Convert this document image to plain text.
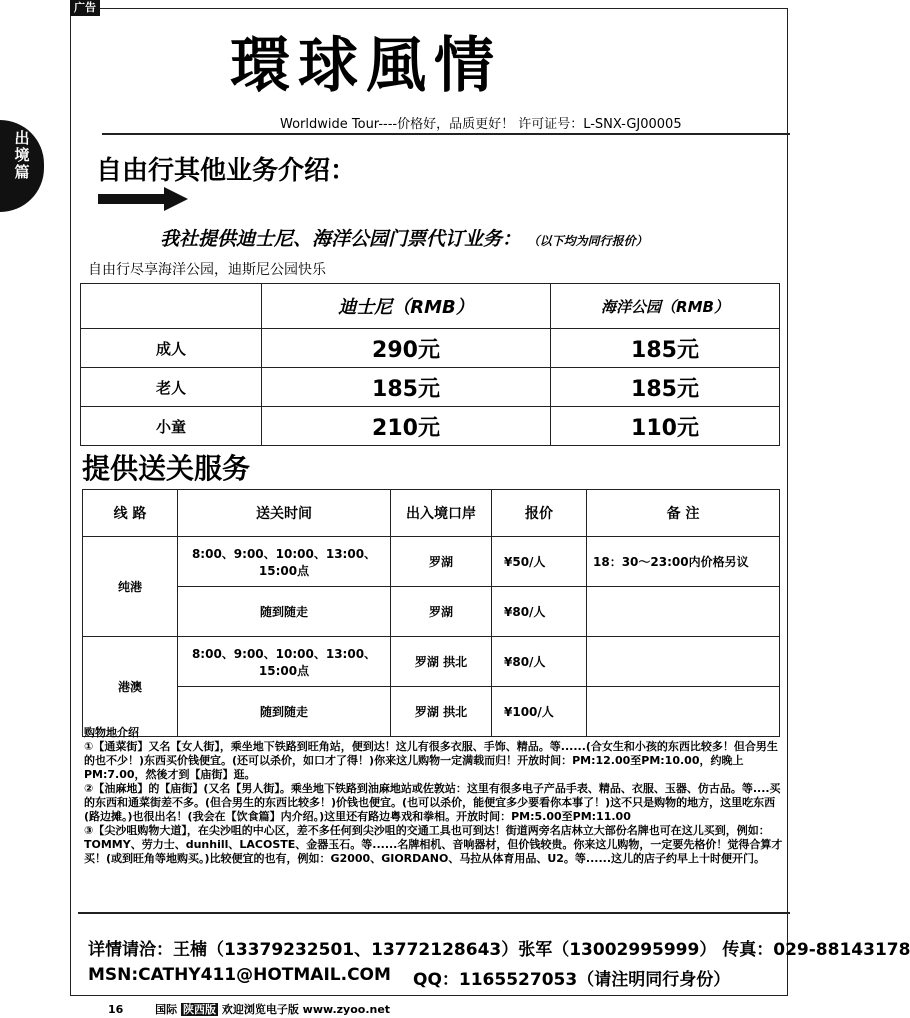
广告
出境篇
環球風情
Worldwide Tour----价格好，品质更好！ 许可证号：L-SNX-GJ00005
自由行其他业务介绍：
我社提供迪士尼、海洋公园门票代订业务： （以下均为同行报价）
自由行尽享海洋公园，迪斯尼公园快乐
	迪士尼（RMB）	海洋公园（RMB）
成人	290元	185元
老人	185元	185元
小童	210元	110元
提供送关服务
线 路	送关时间	出入境口岸	报价	备 注
纯港	8:00、9:00、10:00、13:00、15:00点	罗湖	¥50/人	18：30～23:00内价格另议
	随到随走	罗湖	¥80/人	
港澳	8:00、9:00、10:00、13:00、15:00点	罗湖 拱北	¥80/人	
	随到随走	罗湖 拱北	¥100/人	

购物地介绍

①【通菜街】又名【女人街】，乘坐地下铁路到旺角站，便到达！这儿有很多衣服、手饰、精品。等......(合女生和小孩的东西比较多！但合男生的也不少！)东西买价钱便宜。(还可以杀价，如口才了得！)你来这儿购物一定满载而归！开放时间：PM:12.00至PM:10.00，约晚上PM:7.00，然後才到【庙街】逛。

②【油麻地】的【庙街】(又名【男人街】。乘坐地下铁路到油麻地站或佐敦站：这里有很多电子产品手表、精品、衣服、玉器、仿古品。等....买的东西和通菜街差不多。(但合男生的东西比较多！)价钱也便宜。(也可以杀价，能便宜多少要看你本事了！)这不只是购物的地方，这里吃东西(路边摊。)也很出名！(我会在【饮食篇】内介绍。)这里还有路边粤戏和拳相。开放时间：PM:5.00至PM:11.00

③【尖沙咀购物大道】，在尖沙咀的中心区，差不多任何到尖沙咀的交通工具也可到达！街道两旁名店林立大部份名牌也可在这儿买到，例如：TOMMY、劳力士、dunhill、LACOSTE、金器玉石。等......名牌相机、音响器材，但价钱较贵。你来这儿购物，一定要先格价！觉得合算才买！(或到旺角等地购买。)比较便宜的也有，例如：G2000、GIORDANO、马拉从体育用品、U2。等......这儿的店子约早上十时便开门。

详情请洽：王楠（13379232501、13772128643）张军（13002995999） 传真：029-88143178
MSN:CATHY411@HOTMAIL.COM QQ：1165527053（请注明同行身份）
16	国际 陕西版 欢迎浏览电子版 www.zyoo.net
